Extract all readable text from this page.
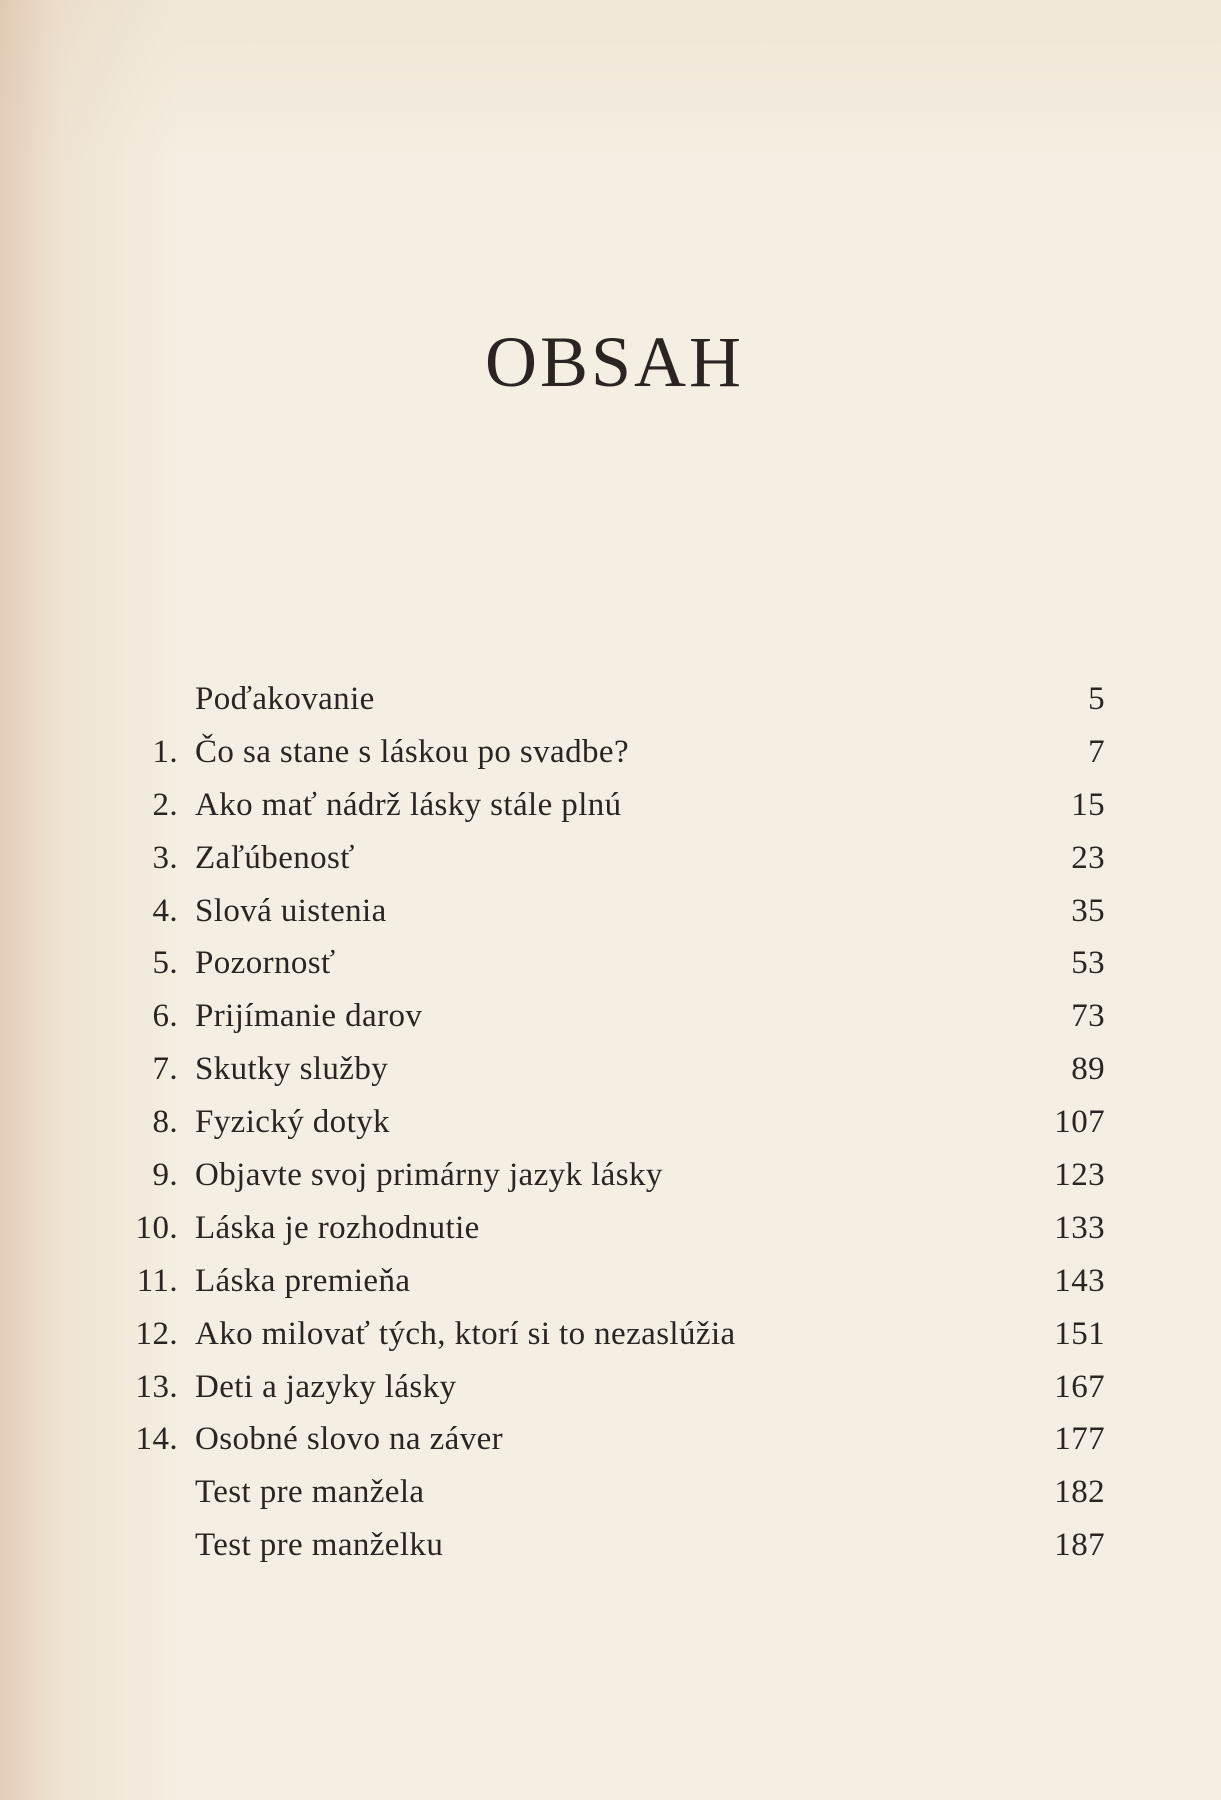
OBSAH
Poďakovanie	5
1. Čo sa stane s láskou po svadbe?	7
2. Ako mať nádrž lásky stále plnú	15
3. Zaľúbenosť	23
4. Slová uistenia	35
5. Pozornosť	53
6. Prijímanie darov	73
7. Skutky služby	89
8. Fyzický dotyk	107
9. Objavte svoj primárny jazyk lásky	123
10. Láska je rozhodnutie	133
11. Láska premieňa	143
12. Ako milovať tých, ktorí si to nezaslúžia	151
13. Deti a jazyky lásky	167
14. Osobné slovo na záver	177
Test pre manžela	182
Test pre manželku	187
